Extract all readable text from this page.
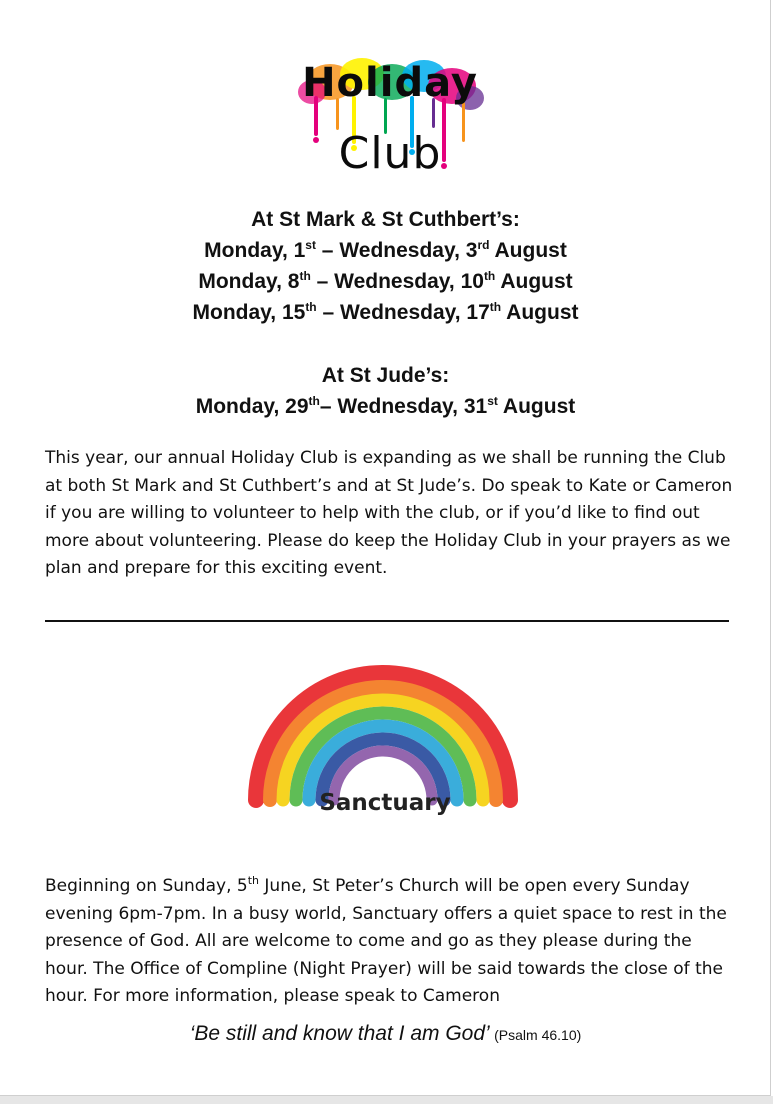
Holiday
Club
At St Mark & St Cuthbert’s:
Monday, 1st – Wednesday, 3rd August
Monday, 8th – Wednesday, 10th August
Monday, 15th – Wednesday, 17th August
At St Jude’s:
Monday, 29th– Wednesday, 31st August
This year, our annual Holiday Club is expanding as we shall be running the Club at both St Mark and St Cuthbert’s and at St Jude’s. Do speak to Kate or Cameron if you are willing to volunteer to help with the club, or if you’d like to find out more about volunteering. Please do keep the Holiday Club in your prayers as we plan and prepare for this exciting event.
Sanctuary
Beginning on Sunday, 5th June, St Peter’s Church will be open every Sunday evening 6pm-7pm. In a busy world, Sanctuary offers a quiet space to rest in the presence of God. All are welcome to come and go as they please during the hour. The Office of Compline (Night Prayer) will be said towards the close of the hour. For more information, please speak to Cameron
‘Be still and know that I am God’ (Psalm 46.10)
